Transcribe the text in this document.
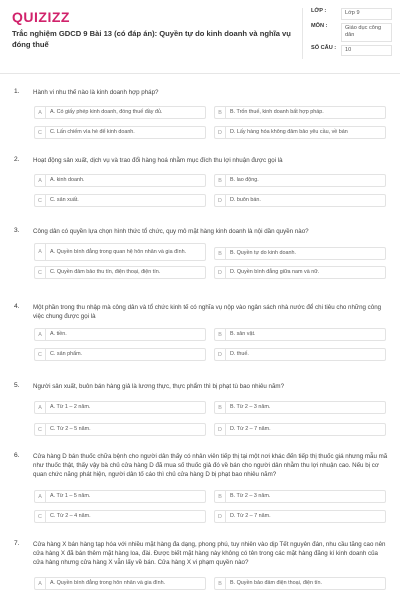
QUIZIZZ
Trắc nghiệm GDCD 9 Bài 13 (có đáp án): Quyền tự do kinh doanh và nghĩa vụ đóng thuế
LỚP :	Lớp 9
MÔN :	Giáo dục công dân
SỐ CÂU :	10
1. Hành vi nhu thế nào là kinh doanh hợp pháp?
A	A. Có giấy phép kinh doanh, đóng thuế đầy đủ.	B	B. Trốn thuế, kinh doanh bất hợp pháp.
C	C. Lấn chiếm vìa hè để kinh doanh.	D	D. Lấy hàng hóa không đảm bảo yêu cầu, về bán
2. Hoạt động sản xuất, dịch vụ và trao đổi hàng hoá nhằm mục đích thu lợi nhuận được gọi là
A	A. kinh doanh.	B	B. lao động.
C	C. sản xuất.	D	D. buôn bán.
3. Công dân có quyền lựa chọn hình thức tổ chức, quy mô mặt hàng kinh doanh là nội dần quyền nào?
A	A. Quyền bình đẳng trong quan hệ hôn nhân và gia đình.	B	B. Quyền tự do kinh doanh.
C	C. Quyền đảm bảo thu tín, điện thoại, điện tín.	D	D. Quyền bình đẳng giữa nam và nữ.
4. Một phần trong thu nhập mà công dân và tổ chức kinh tế có nghĩa vụ nộp vào ngân sách nhà nước để chi tiêu cho những công việc chung được gọi là
A	A. tiền.	B	B. sản vật.
C	C. sản phẩm.	D	D. thuế.
5. Người sản xuất, buôn bán hàng giả là lương thực, thực phẩm thì bị phạt tù bao nhiêu năm?
A	A. Từ 1 – 2 năm.	B	B. Từ 2 – 3 năm.
C	C. Từ 2 – 5 năm.	D	D. Từ 2 – 7 năm.
6. Cửa hàng D bán thuốc chữa bệnh cho người dân thấy có nhân viên tiếp thị tại một nơi khác đến tiếp thị thuốc giá nhưng mẫu mã như thuốc thật, thấy vậy bà chủ cửa hàng D đã mua số thuốc giả đó về bán cho người dân nhằm thu lợi nhuận cao. Nếu bị cơ quan chức năng phát hiện, người dân tố cáo thì chủ cửa hàng D bị phạt bao nhiêu năm?
A	A. Từ 1 – 5 năm.	B	B. Từ 2 – 3 năm.
C	C. Từ 2 – 4 năm.	D	D. Từ 2 – 7 năm.
7. Cửa hàng X bán hàng tạp hóa với nhiều mặt hàng đa dạng, phong phú, tuy nhiên vào dịp Tết nguyên đán, nhu cầu tăng cao nên cửa hàng X đã bán thêm mặt hàng loa, đài. Được biết mặt hàng này không có tên trong các mặt hàng đăng kí kinh doanh của cửa hàng nhưng cửa hàng X vẫn lấy về bán. Cửa hàng X vi phạm quyền nào?
A	A. Quyền bình đẳng trong hôn nhân và gia đình.	B	B. Quyền bảo đảm điện thoại, điện tín.
